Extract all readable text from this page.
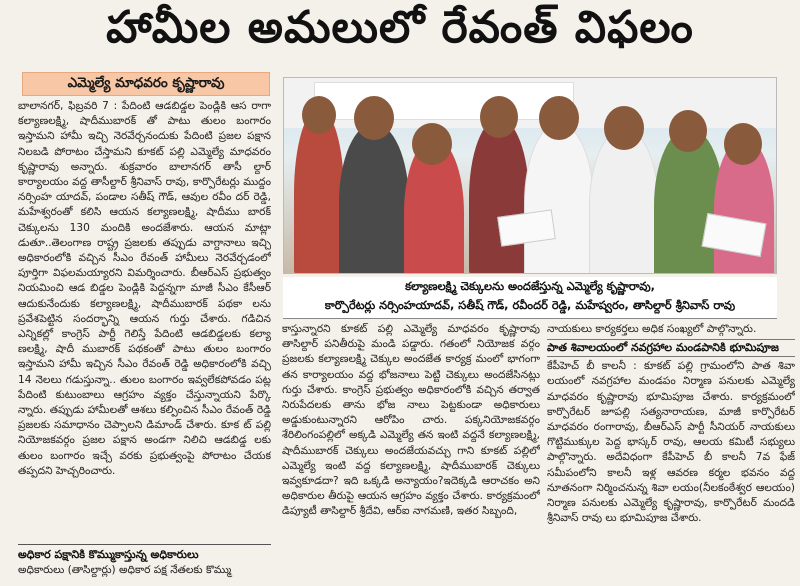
హామీల అమలులో రేవంత్ విఫలం
ఎమ్మెల్యే మాధవరం కృష్ణారావు

బాలానగర్, ఫిబ్రవరి 7 : పేదింటి ఆడబిడ్డల పెండ్లికి ఆస రాగా కల్యాణలక్ష్మి, షాదీముబారక్ తో పాటు తులం బంగారం ఇస్తామని హామీ ఇచ్చి నెరవేర్చనందుకు పేదింటి ప్రజల పక్షాన నిలబడి పోరాటం చేస్తామని కూకట్ పల్లి ఎమ్మెల్యే మాధవరం కృష్ణారావు అన్నారు. శుక్రవారం బాలానగర్ తాసీ ల్దార్ కార్యాలయం వద్ద తాసీల్దార్ శ్రీనివాస్ రావు, కార్పొరేటర్లు ముద్దం నర్సింహ యాదవ్, పండాల సతీష్ గౌడ్, ఆవుల రవీం దర్ రెడ్డి, మహేశ్వరంతో కలిసి ఆయన కల్యాణలక్ష్మి, షాదీము బారక్ చెక్కులను 130 మందికి అందజేశారు. ఆయన మాట్లా డుతూ..తెలంగాణ రాష్ట్ర ప్రజలకు తప్పుడు వాగ్దానాలు ఇచ్చి అధికారంలోకి వచ్చిన సీఎం రేవంత్ హామీలు నెరవేర్చడంలో పూర్తిగా విఫలమయ్యారని విమర్శించారు. బీఆర్ఎస్ ప్రభుత్వం నియమించి ఆడ బిడ్డల పెండ్లికి పెద్దన్నగా మాజీ సీఎం కేసీఆర్ ఆదుకునేందుకు కల్యాణలక్ష్మి, షాదీముబారక్ పథకా లను ప్రవేశపెట్టిన సందర్భాన్ని ఆయన గుర్తు చేశారు. గడిచిన ఎన్నికల్లో కాంగ్రెస్ పార్టీ గెలిస్తే పేదింటి ఆడబిడ్డలకు కల్యా ణలక్ష్మి, షాదీ ముబారక్ పథకంతో పాటు తులం బంగారం ఇస్తామని హామీ ఇచ్చిన సీఎం రేవంత్ రెడ్డి అధికారంలోకి వచ్చి 14 నెలలు గడుస్తున్నా.. తులం బంగారం ఇవ్వలేకపోవడం పట్ల పేదింటి కుటుంబాలు ఆగ్రహం వ్యక్తం చేస్తున్నాయని పేర్కొ న్నారు. తప్పుడు హామీలతో ఆశలు కల్పించిన సీఎం రేవంత్ రెడ్డి ప్రజలకు సమాధానం చెప్పాలని డిమాండ్ చేశారు. కూక ట్ పల్లి నియోజకవర్గం ప్రజల పక్షాన అండగా నిలిచి ఆడబిడ్డ లకు తులం బంగారం ఇచ్చే వరకు ప్రభుత్వంపై పోరాటం చేయక తప్పదని హెచ్చరించారు.

అధికార పక్షానికి కొమ్ముకాస్తున్న అధికారులు
అధికారులు (తాసిల్దార్లు) అధికార పక్ష నేతలకు కొమ్ము
కల్యాణలక్ష్మి చెక్కులను అందజేస్తున్న ఎమ్మెల్యే కృష్ణారావు,
కార్పొరేటర్లు నర్సింహయాదవ్, సతీష్ గౌడ్, రవీందర్ రెడ్డి, మహేష్వరం, తాసిల్దార్ శ్రీనివాస్ రావు

కాస్తున్నారని కూకట్ పల్లి ఎమ్మెల్యే మాధవరం కృష్ణారావు తాసిల్దార్ పనితీరుపై మండి పడ్డారు. గతంలో నియోజక వర్గం ప్రజలకు కల్యాణలక్ష్మి చెక్కుల అందజేత కార్యక్ర మంలో భాగంగా తన కార్యాలయం వద్ద భోజనాలు పెట్టి చెక్కులు అందజేసినట్లు గుర్తు చేశారు. కాంగ్రెస్ ప్రభుత్వం అధికారంలోకి వచ్చిన తర్వాత నిరుపేదలకు తాను భోజ నాలు పెట్టకుండా అధికారులు అడ్డుకుంటున్నారని ఆరోపిం చారు. పక్కనియోజకవర్గం శేరిలింగంపల్లిలో అక్కడి ఎమ్మెల్యే తన ఇంటి వద్దనే కల్యాణలక్ష్మి, షాదీముబారక్ చెక్కులు అందజేయవచ్చు గాని కూకట్ పల్లిలో ఎమ్మెల్యే ఇంటి వద్ద కల్యాణలక్ష్మి, షాదీముబారక్ చెక్కులు ఇవ్వకూడదా? ఇది ఒక్కడి అన్యాయం?ఇదెక్కడి ఆరాచకం అని అధికారుల తీరుపై ఆయన ఆగ్రహం వ్యక్తం చేశారు. కార్యక్రమంలో డిప్యూటీ తాసిల్దార్ శ్రీదేవి, ఆర్ఐ నాగమణి, ఇతర సిబ్బంది,

నాయకులు కార్యకర్తలు అధిక సంఖ్యలో పాల్గొన్నారు.

పాత శివాలయంలో నవగ్రహాల మండపానికి భూమిపూజ

కేపీహెచ్ బీ కాలనీ : కూకట్ పల్లి గ్రామంలోని పాత శివా లయంలో నవగ్రహాల మండపం నిర్మాణ పనులకు ఎమ్మెల్యే మాధవరం కృష్ణారావు భూమిపూజ చేశారు. కార్యక్రమంలో కార్పొరేటర్ జూపల్లి సత్యనారాయణ, మాజీ కార్పొరేటర్ మాధవరం రంగారావు, బీఆర్ఎస్ పార్టీ సీనియర్ నాయకులు గొట్టిముక్కుల పెద్ద భాస్కర్ రావు, ఆలయ కమిటీ సభ్యులు పాల్గొన్నారు. అదేవిధంగా కేపీహెచ్ బీ కాలనీ 7వ ఫేజ్ సమీపంలోని కాలనీ ఇళ్ల ఆవరణ కర్మల భవనం వద్ద నూతనంగా నిర్మించనున్న శివా లయం(నీలకంఠేశ్వర ఆలయం) నిర్మాణ పనులకు ఎమ్మెల్యే కృష్ణారావు, కార్పొరేటర్ మందడి శ్రీనివాస్ రావు లు భూమిపూజ చేశారు.
